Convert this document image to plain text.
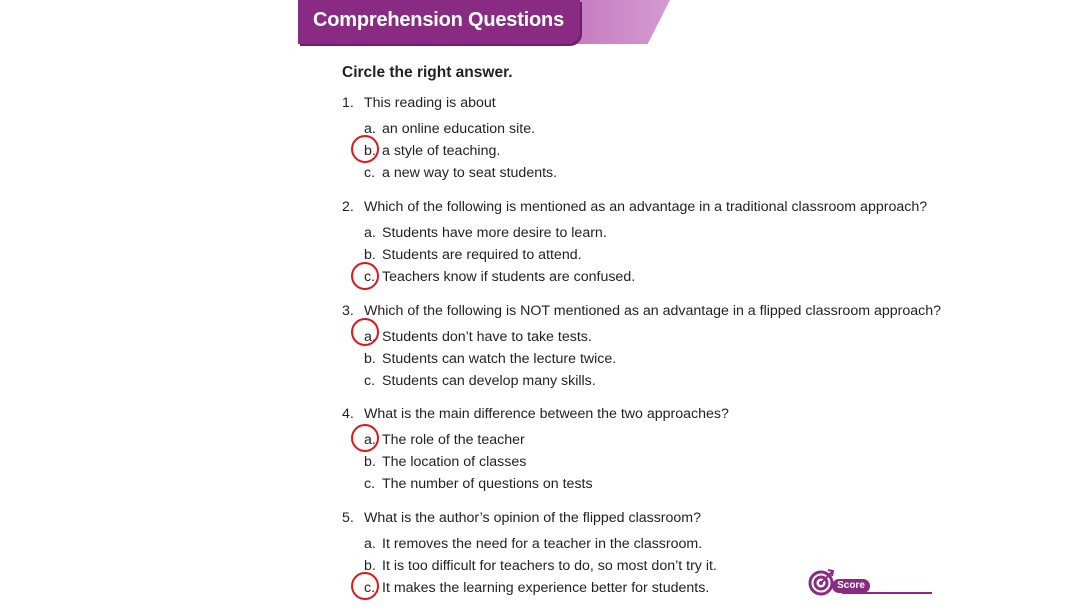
Comprehension Questions
Circle the right answer.
1. This reading is about
a. an online education site.
b. a style of teaching.
c. a new way to seat students.
2. Which of the following is mentioned as an advantage in a traditional classroom approach?
a. Students have more desire to learn.
b. Students are required to attend.
c. Teachers know if students are confused.
3. Which of the following is NOT mentioned as an advantage in a flipped classroom approach?
a. Students don’t have to take tests.
b. Students can watch the lecture twice.
c. Students can develop many skills.
4. What is the main difference between the two approaches?
a. The role of the teacher
b. The location of classes
c. The number of questions on tests
5. What is the author’s opinion of the flipped classroom?
a. It removes the need for a teacher in the classroom.
b. It is too difficult for teachers to do, so most don’t try it.
c. It makes the learning experience better for students.	Score
